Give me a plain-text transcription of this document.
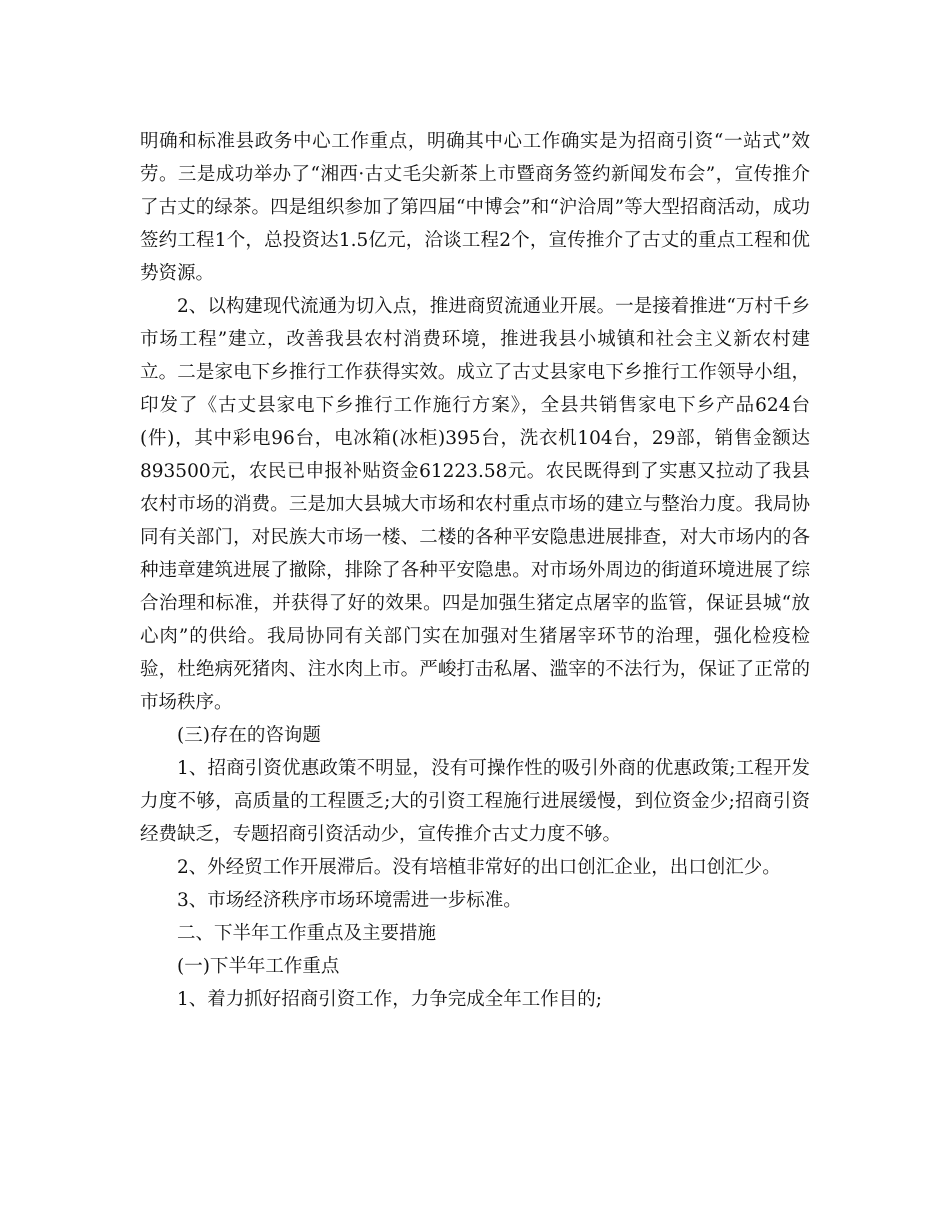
明确和标准县政务中心工作重点，明确其中心工作确实是为招商引资“一站式”效劳。三是成功举办了“湘西·古丈毛尖新茶上市暨商务签约新闻发布会”，宣传推介了古丈的绿茶。四是组织参加了第四届“中博会”和“沪洽周”等大型招商活动，成功签约工程1个，总投资达1.5亿元，洽谈工程2个，宣传推介了古丈的重点工程和优势资源。

2、以构建现代流通为切入点，推进商贸流通业开展。一是接着推进“万村千乡市场工程”建立，改善我县农村消费环境，推进我县小城镇和社会主义新农村建立。二是家电下乡推行工作获得实效。成立了古丈县家电下乡推行工作领导小组，印发了《古丈县家电下乡推行工作施行方案》，全县共销售家电下乡产品624台(件)，其中彩电96台，电冰箱(冰柜)395台，洗衣机104台，29部，销售金额达893500元，农民已申报补贴资金61223.58元。农民既得到了实惠又拉动了我县农村市场的消费。三是加大县城大市场和农村重点市场的建立与整治力度。我局协同有关部门，对民族大市场一楼、二楼的各种平安隐患进展排查，对大市场内的各种违章建筑进展了撤除，排除了各种平安隐患。对市场外周边的街道环境进展了综合治理和标准，并获得了好的效果。四是加强生猪定点屠宰的监管，保证县城“放心肉”的供给。我局协同有关部门实在加强对生猪屠宰环节的治理，强化检疫检验，杜绝病死猪肉、注水肉上市。严峻打击私屠、滥宰的不法行为，保证了正常的市场秩序。

(三)存在的咨询题

1、招商引资优惠政策不明显，没有可操作性的吸引外商的优惠政策;工程开发力度不够，高质量的工程匮乏;大的引资工程施行进展缓慢，到位资金少;招商引资经费缺乏，专题招商引资活动少，宣传推介古丈力度不够。

2、外经贸工作开展滞后。没有培植非常好的出口创汇企业，出口创汇少。

3、市场经济秩序市场环境需进一步标准。

二、下半年工作重点及主要措施

(一)下半年工作重点

1、着力抓好招商引资工作，力争完成全年工作目的;
